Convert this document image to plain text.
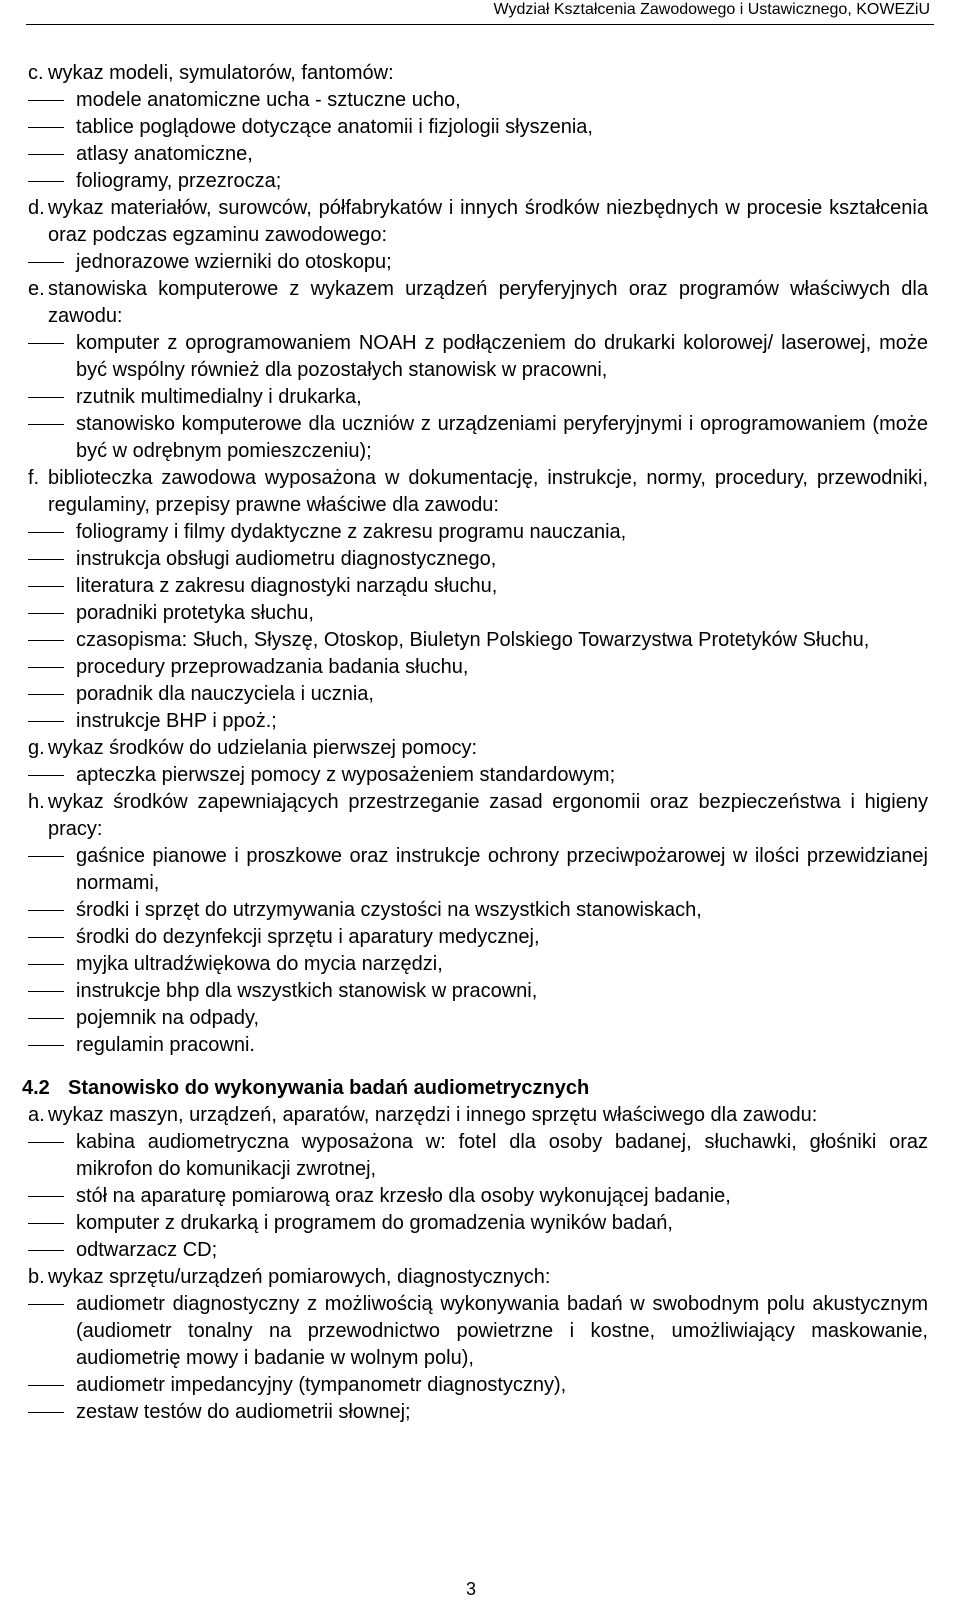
Wydział Kształcenia Zawodowego i Ustawicznego, KOWEZiU
c. wykaz modeli, symulatorów, fantomów:
modele anatomiczne ucha - sztuczne ucho,
tablice poglądowe dotyczące anatomii i fizjologii słyszenia,
atlasy anatomiczne,
foliogramy, przezrocza;
d. wykaz materiałów, surowców, półfabrykatów i innych środków niezbędnych w procesie kształcenia oraz podczas egzaminu zawodowego:
jednorazowe wzierniki do otoskopu;
e. stanowiska komputerowe z wykazem urządzeń peryferyjnych oraz programów właściwych dla zawodu:
komputer z oprogramowaniem NOAH z podłączeniem do drukarki kolorowej/ laserowej, może być wspólny również dla pozostałych stanowisk w pracowni,
rzutnik multimedialny i drukarka,
stanowisko komputerowe dla uczniów z urządzeniami peryferyjnymi i oprogramowaniem (może być w odrębnym pomieszczeniu);
f. biblioteczka zawodowa wyposażona w dokumentację, instrukcje, normy, procedury, przewodniki, regulaminy, przepisy prawne właściwe dla zawodu:
foliogramy i filmy dydaktyczne z zakresu programu nauczania,
instrukcja obsługi audiometru diagnostycznego,
literatura z zakresu diagnostyki narządu słuchu,
poradniki protetyka słuchu,
czasopisma: Słuch, Słyszę, Otoskop, Biuletyn Polskiego Towarzystwa Protetyków Słuchu,
procedury przeprowadzania badania słuchu,
poradnik dla nauczyciela i ucznia,
instrukcje BHP i ppoż.;
g. wykaz środków do udzielania pierwszej pomocy:
apteczka pierwszej pomocy z wyposażeniem standardowym;
h. wykaz środków zapewniających przestrzeganie zasad ergonomii oraz bezpieczeństwa i higieny pracy:
gaśnice pianowe i proszkowe oraz instrukcje ochrony przeciwpożarowej w ilości przewidzianej normami,
środki i sprzęt do utrzymywania czystości na wszystkich stanowiskach,
środki do dezynfekcji sprzętu i aparatury medycznej,
myjka ultradźwiękowa do mycia narzędzi,
instrukcje bhp dla wszystkich stanowisk w pracowni,
pojemnik na odpady,
regulamin pracowni.
4.2 Stanowisko do wykonywania badań audiometrycznych
a. wykaz maszyn, urządzeń, aparatów, narzędzi i innego sprzętu właściwego dla zawodu:
kabina audiometryczna wyposażona w: fotel dla osoby badanej, słuchawki, głośniki oraz mikrofon do komunikacji zwrotnej,
stół na aparaturę pomiarową oraz krzesło dla osoby wykonującej badanie,
komputer z drukarką i programem do gromadzenia wyników badań,
odtwarzacz CD;
b. wykaz sprzętu/urządzeń pomiarowych, diagnostycznych:
audiometr diagnostyczny z możliwością wykonywania badań w swobodnym polu akustycznym (audiometr tonalny na przewodnictwo powietrzne i kostne, umożliwiający maskowanie, audiometrię mowy i badanie w wolnym polu),
audiometr impedancyjny (tympanometr diagnostyczny),
zestaw testów do audiometrii słownej;
3
